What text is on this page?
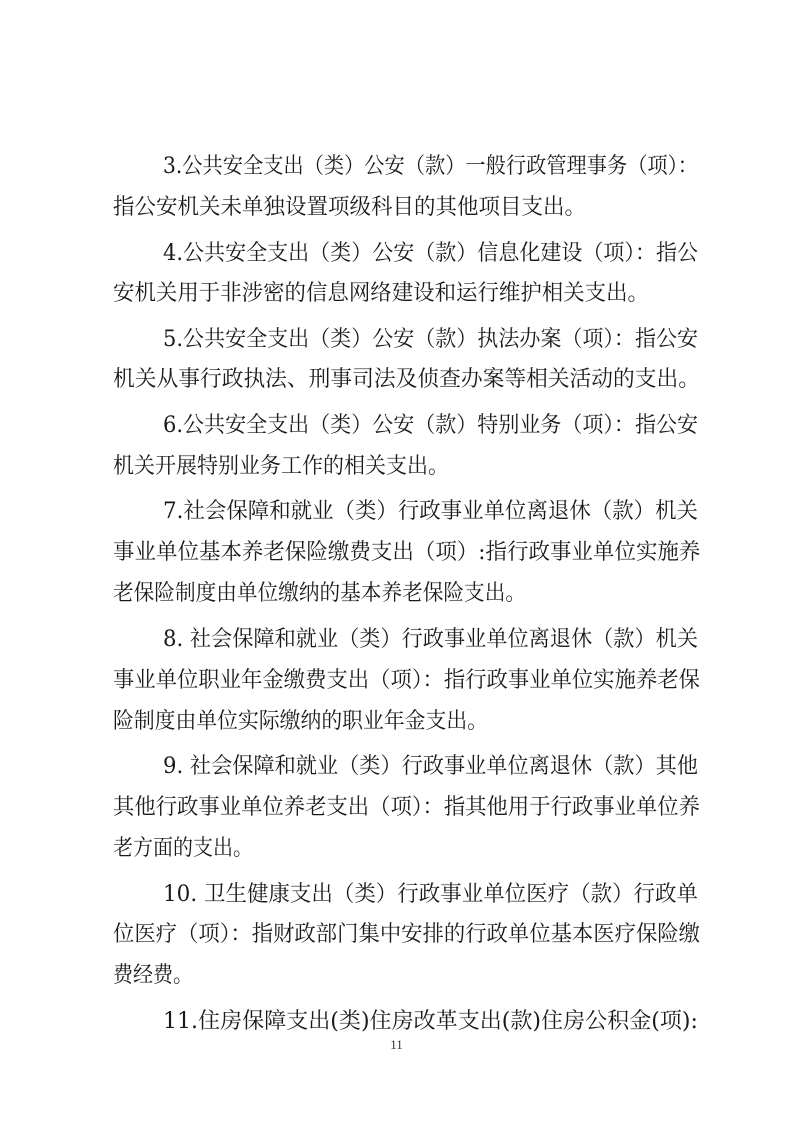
3.公共安全支出（类）公安（款）一般行政管理事务（项）：
指公安机关未单独设置项级科目的其他项目支出。
4.公共安全支出（类）公安（款）信息化建设（项）：指公
安机关用于非涉密的信息网络建设和运行维护相关支出。
5.公共安全支出（类）公安（款）执法办案（项）：指公安
机关从事行政执法、刑事司法及侦查办案等相关活动的支出。
6.公共安全支出（类）公安（款）特别业务（项）：指公安
机关开展特别业务工作的相关支出。
7.社会保障和就业（类）行政事业单位离退休（款）机关
事业单位基本养老保险缴费支出（项）:指行政事业单位实施养
老保险制度由单位缴纳的基本养老保险支出。
8. 社会保障和就业（类）行政事业单位离退休（款）机关
事业单位职业年金缴费支出（项）：指行政事业单位实施养老保
险制度由单位实际缴纳的职业年金支出。
9. 社会保障和就业（类）行政事业单位离退休（款）其他
其他行政事业单位养老支出（项）：指其他用于行政事业单位养
老方面的支出。
10. 卫生健康支出（类）行政事业单位医疗（款）行政单
位医疗（项）：指财政部门集中安排的行政单位基本医疗保险缴
费经费。
11.住房保障支出(类)住房改革支出(款)住房公积金(项):
11
